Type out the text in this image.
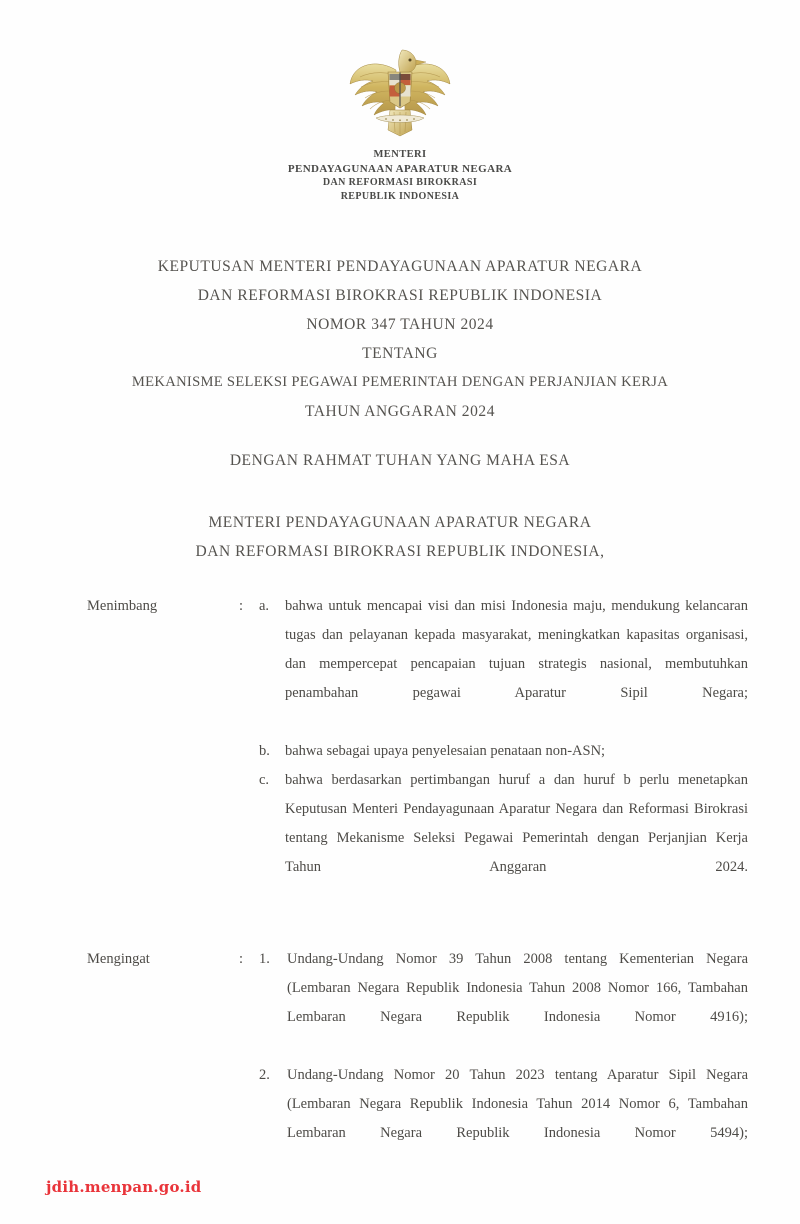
MENTERI
PENDAYAGUNAAN APARATUR NEGARA
DAN REFORMASI BIROKRASI
REPUBLIK INDONESIA
KEPUTUSAN MENTERI PENDAYAGUNAAN APARATUR NEGARA
DAN REFORMASI BIROKRASI REPUBLIK INDONESIA
NOMOR 347 TAHUN 2024
TENTANG
MEKANISME SELEKSI PEGAWAI PEMERINTAH DENGAN PERJANJIAN KERJA
TAHUN ANGGARAN 2024
DENGAN RAHMAT TUHAN YANG MAHA ESA
MENTERI PENDAYAGUNAAN APARATUR NEGARA
DAN REFORMASI BIROKRASI REPUBLIK INDONESIA,
Menimbang	:	a.	bahwa untuk mencapai visi dan misi Indonesia maju, mendukung kelancaran tugas dan pelayanan kepada masyarakat, meningkatkan kapasitas organisasi, dan mempercepat pencapaian tujuan strategis nasional, membutuhkan penambahan pegawai Aparatur Sipil Negara;
b.	bahwa sebagai upaya penyelesaian penataan non-ASN;
c.	bahwa berdasarkan pertimbangan huruf a dan huruf b perlu menetapkan Keputusan Menteri Pendayagunaan Aparatur Negara dan Reformasi Birokrasi tentang Mekanisme Seleksi Pegawai Pemerintah dengan Perjanjian Kerja Tahun Anggaran 2024.
Mengingat	:	1.	Undang-Undang Nomor 39 Tahun 2008 tentang Kementerian Negara (Lembaran Negara Republik Indonesia Tahun 2008 Nomor 166, Tambahan Lembaran Negara Republik Indonesia Nomor 4916);
2.	Undang-Undang Nomor 20 Tahun 2023 tentang Aparatur Sipil Negara (Lembaran Negara Republik Indonesia Tahun 2014 Nomor 6, Tambahan Lembaran Negara Republik Indonesia Nomor 5494);
jdih.menpan.go.id
